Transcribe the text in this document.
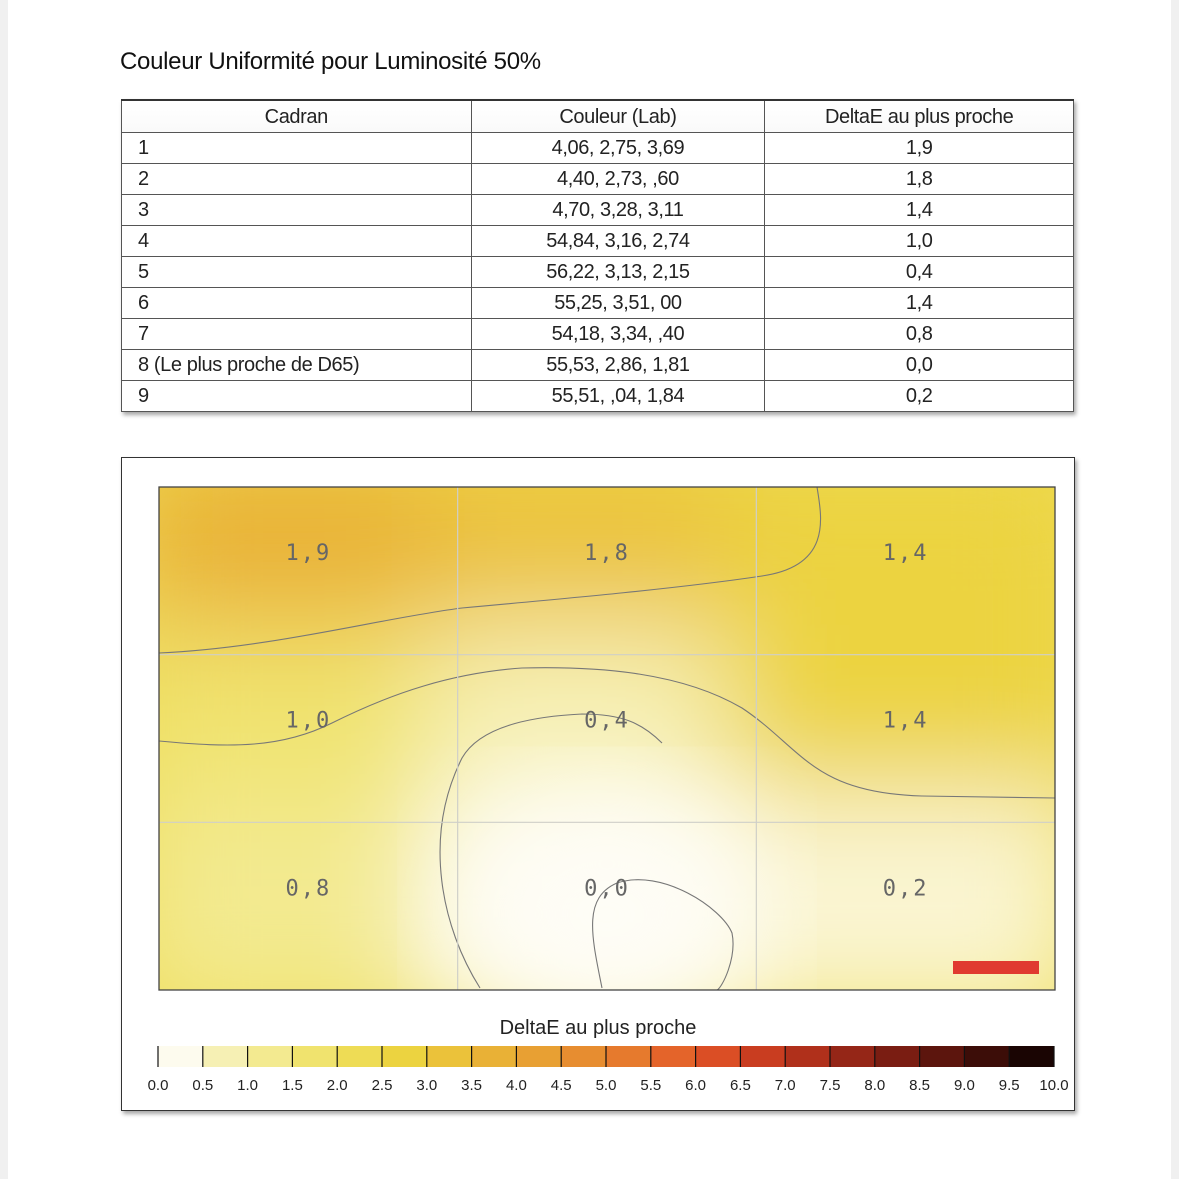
Couleur Uniformité pour Luminosité 50%
Cadran	Couleur (Lab)	DeltaE au plus proche
1	4,06, 2,75, 3,69	1,9
2	4,40, 2,73, ,60	1,8
3	4,70, 3,28, 3,11	1,4
4	54,84, 3,16, 2,74	1,0
5	56,22, 3,13, 2,15	0,4
6	55,25, 3,51, 00	1,4
7	54,18, 3,34, ,40	0,8
8 (Le plus proche de D65)	55,53, 2,86, 1,81	0,0
9	55,51, ,04, 1,84	0,2
1,9	1,8	1,4
1,0	0,4	1,4
0,8	0,0	0,2
DeltaE au plus proche
0.0 0.5 1.0 1.5 2.0 2.5 3.0 3.5 4.0 4.5 5.0 5.5 6.0 6.5 7.0 7.5 8.0 8.5 9.0 9.5 10.0
